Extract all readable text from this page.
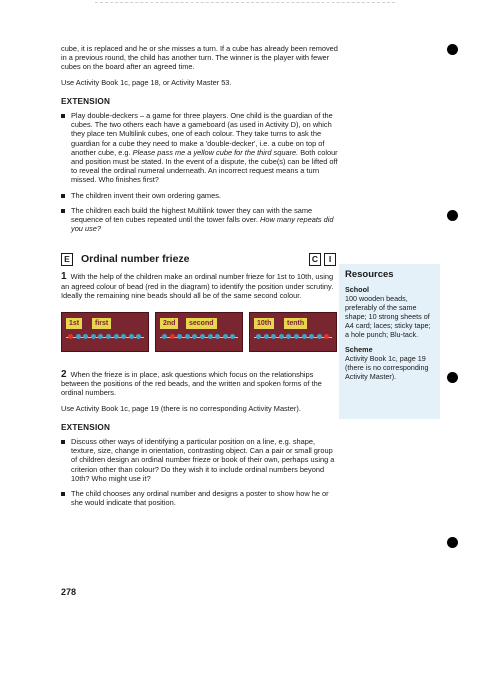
cube, it is replaced and he or she misses a turn. If a cube has already been removed in a previous round, the child has another turn. The winner is the player with fewer cubes on the board after an agreed time.

Use Activity Book 1c, page 18, or Activity Master 53.

EXTENSION
Play double-deckers – a game for three players. One child is the guardian of the cubes. The two others each have a gameboard (as used in Activity D), on which they place ten Multilink cubes, one of each colour. They take turns to ask the guardian for a cube they need to make a 'double-decker', i.e. a cube on top of another cube, e.g. Please pass me a yellow cube for the third square. Both colour and position must be stated. In the event of a dispute, the cube(s) can be lifted off to reveal the ordinal numeral underneath. An incorrect request means a turn missed. Who finishes first?
The children invent their own ordering games.
The children each build the highest Multilink tower they can with the same sequence of ten cubes repeated until the tower falls over. How many repeats did you use?
E	Ordinal number frieze	C	I

1 With the help of the children make an ordinal number frieze for 1st to 10th, using an agreed colour of bead (red in the diagram) to identify the position under scrutiny. Ideally the remaining nine beads should all be of the same second colour.

1st	first	2nd	second	10th	tenth

2 When the frieze is in place, ask questions which focus on the relationships between the positions of the red beads, and the written and spoken forms of the ordinal numbers.

Use Activity Book 1c, page 19 (there is no corresponding Activity Master).

EXTENSION
Discuss other ways of identifying a particular position on a line, e.g. shape, texture, size, change in orientation, contrasting object. Can a pair or small group of children design an ordinal number frieze or book of their own, perhaps using a criterion other than colour? Do they wish it to include ordinal numbers beyond 10th? Who might use it?
The child chooses any ordinal number and designs a poster to show how he or she would indicate that position.
Resources
School

100 wooden beads, preferably of the same shape; 10 strong sheets of A4 card; laces; sticky tape; a hole punch; Blu-tack.

Scheme

Activity Book 1c, page 19 (there is no corresponding Activity Master).

278
